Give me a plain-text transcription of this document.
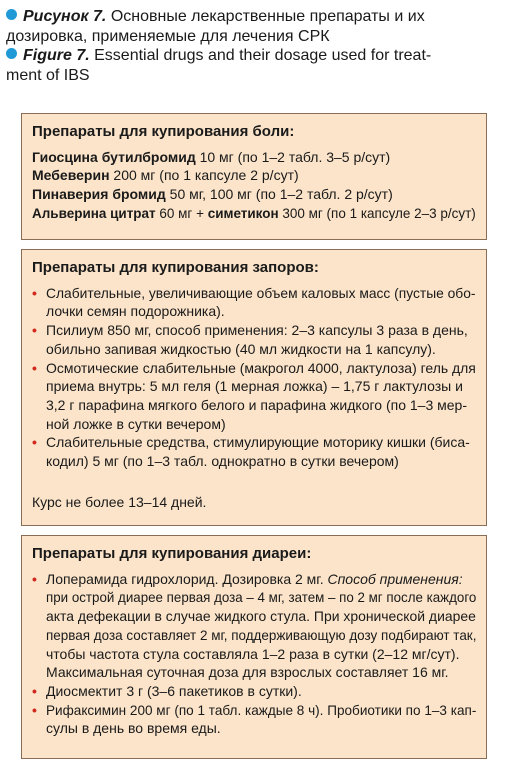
Рисунок 7. Основные лекарственные препараты и их
дозировка, применяемые для лечения СРК
Figure 7. Essential drugs and their dosage used for treat-
ment of IBS
Препараты для купирования боли:
Гиосцина бутилбромид 10 мг (по 1–2 табл. 3–5 р/сут)
Мебеверин 200 мг (по 1 капсуле 2 р/сут)
Пинаверия бромид 50 мг, 100 мг (по 1–2 табл. 2 р/сут)
Альверина цитрат 60 мг + симетикон 300 мг (по 1 капсуле 2–3 р/сут)
Препараты для купирования запоров:
• Слабительные, увеличивающие объем каловых масс (пустые обо-
лочки семян подорожника).
• Псилиум 850 мг, способ применения: 2–3 капсулы 3 раза в день,
обильно запивая жидкостью (40 мл жидкости на 1 капсулу).
• Осмотические слабительные (макрогол 4000, лактулоза) гель для
приема внутрь: 5 мл геля (1 мерная ложка) – 1,75 г лактулозы и
3,2 г парафина мягкого белого и парафина жидкого (по 1–3 мер-
ной ложке в сутки вечером)
• Слабительные средства, стимулирующие моторику кишки (биса-
кодил) 5 мг (по 1–3 табл. однократно в сутки вечером)
Курс не более 13–14 дней.
Препараты для купирования диареи:
• Лоперамида гидрохлорид. Дозировка 2 мг. Способ применения:
при острой диарее первая доза – 4 мг, затем – по 2 мг после каждого
акта дефекации в случае жидкого стула. При хронической диарее
первая доза составляет 2 мг, поддерживающую дозу подбирают так,
чтобы частота стула составляла 1–2 раза в сутки (2–12 мг/сут).
Максимальная суточная доза для взрослых составляет 16 мг.
• Диосмектит 3 г (3–6 пакетиков в сутки).
• Рифаксимин 200 мг (по 1 табл. каждые 8 ч). Пробиотики по 1–3 кап-
сулы в день во время еды.
